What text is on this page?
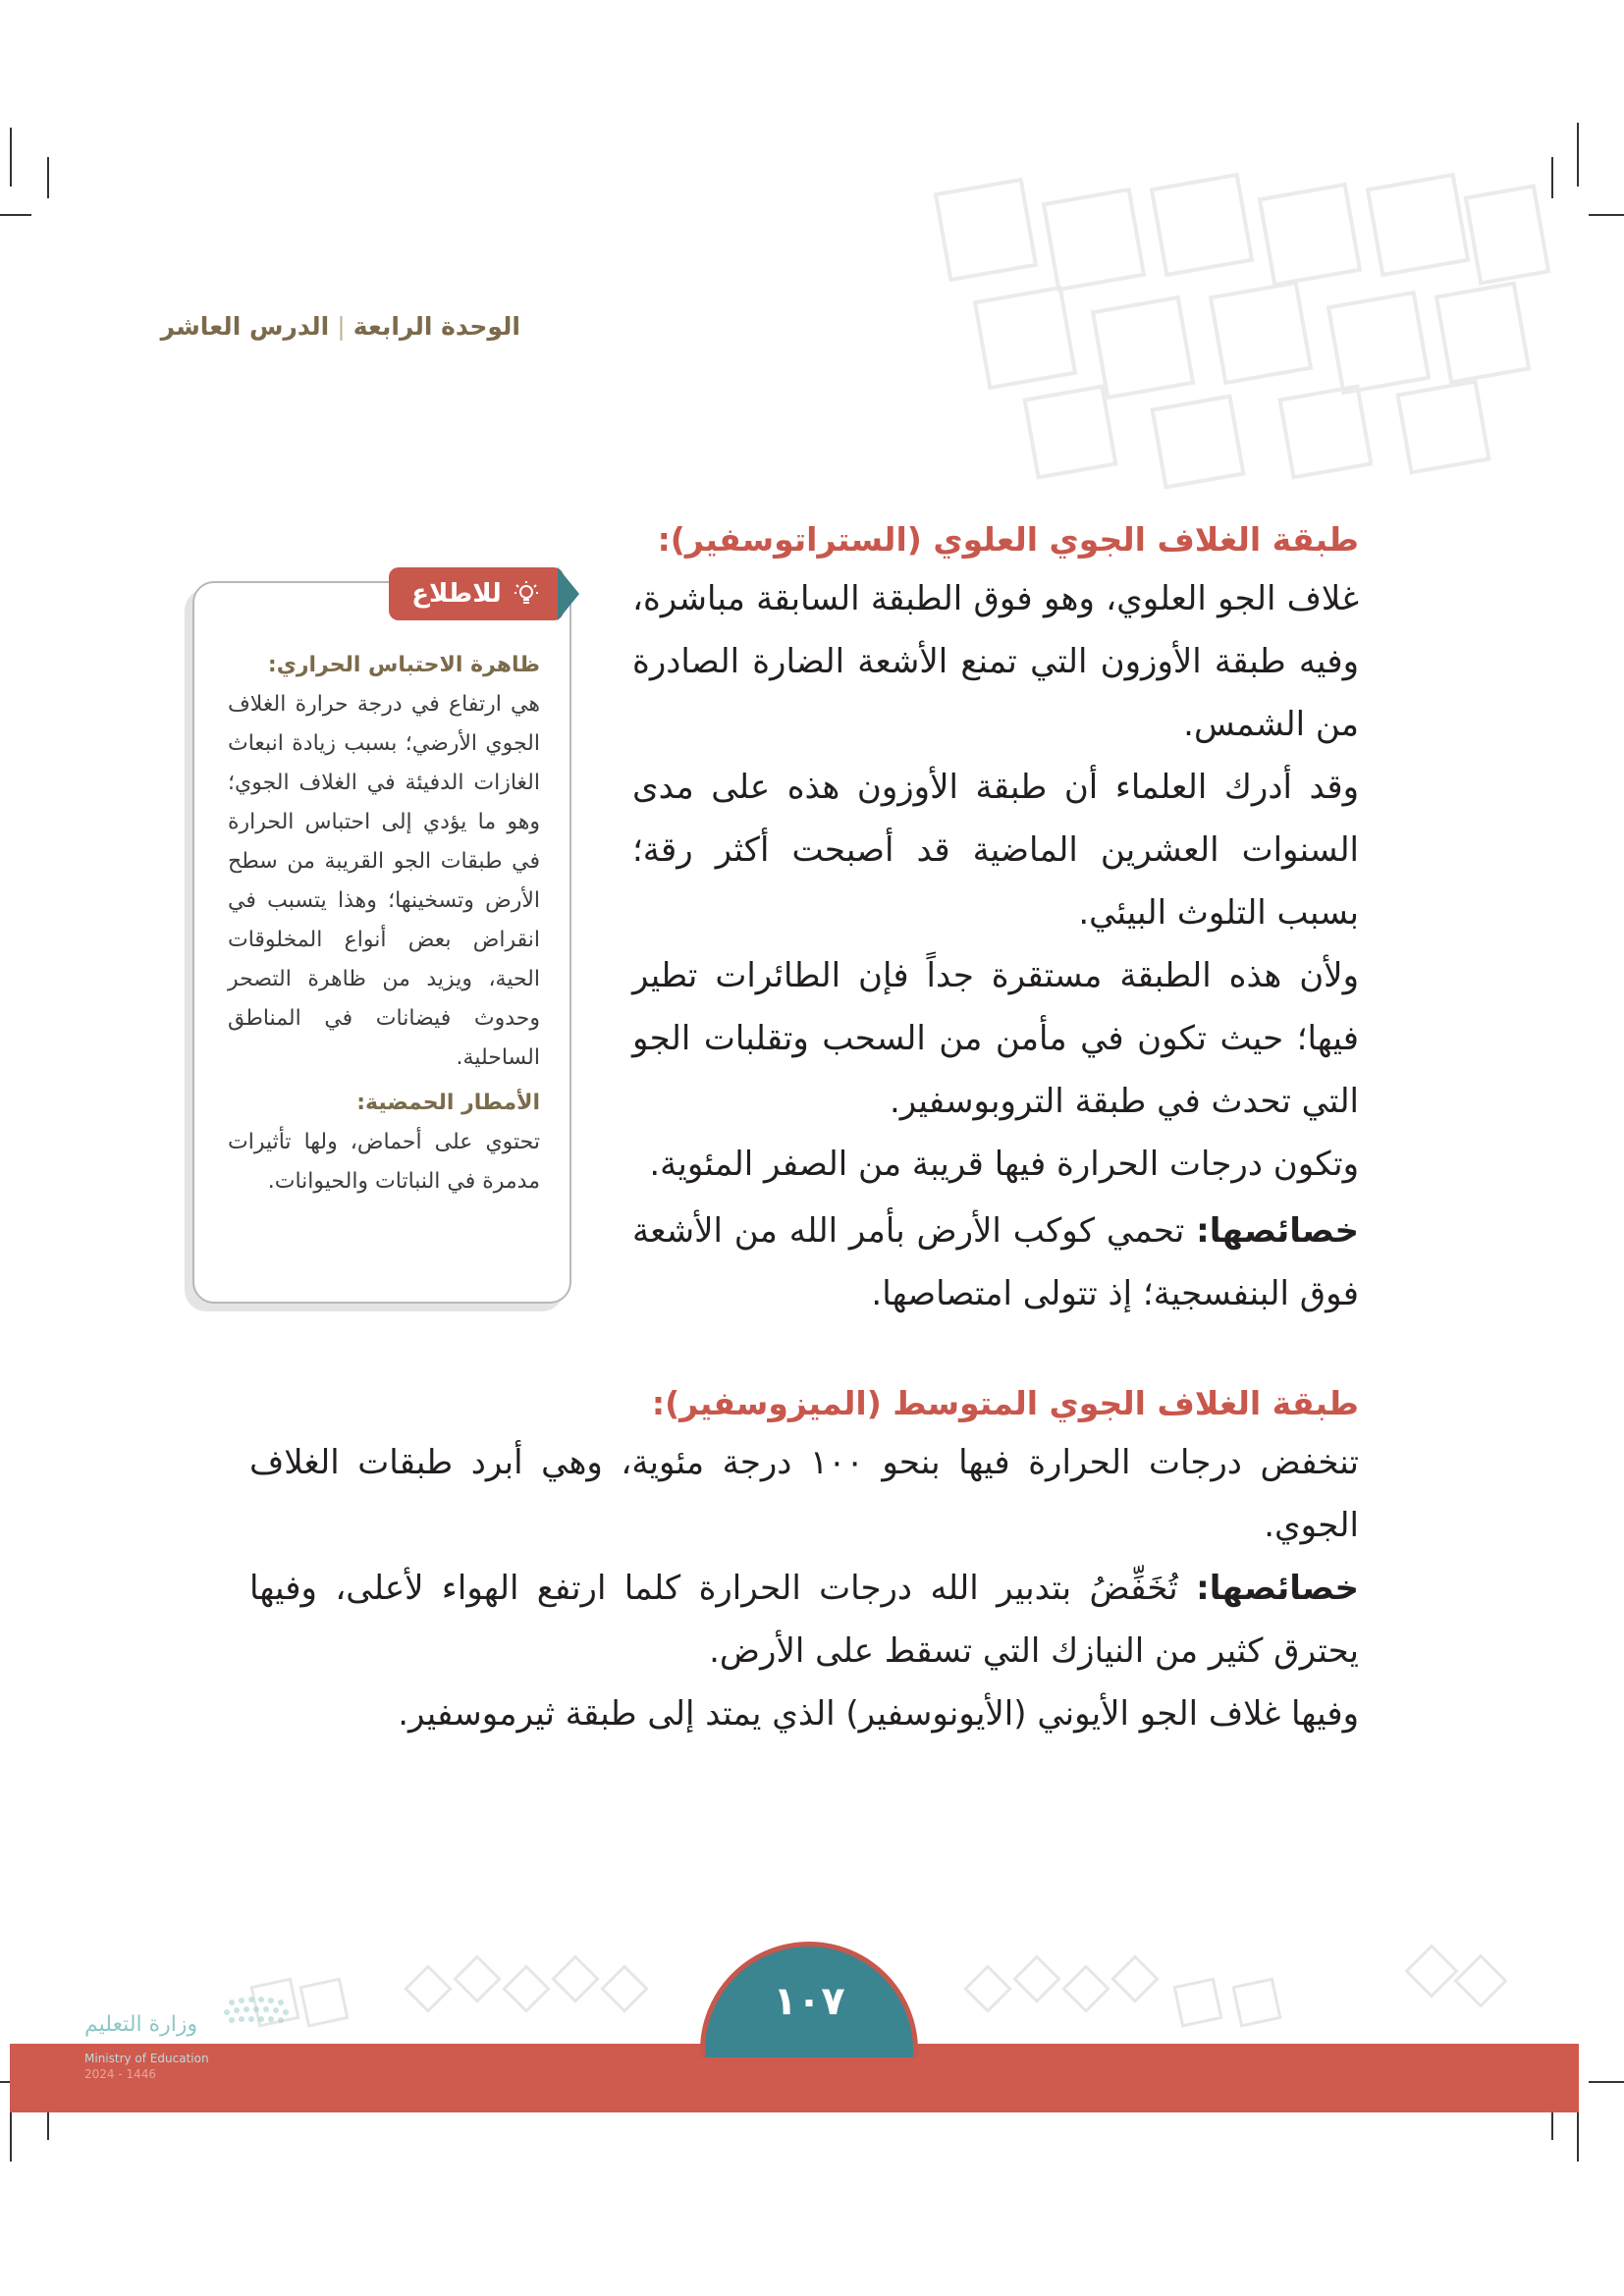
الوحدة الرابعة|الدرس العاشر

طبقة الغلاف الجوي العلوي (الستراتوسفير):

غلاف الجو العلوي، وهو فوق الطبقة السابقة مباشرة، وفيه طبقة الأوزون التي تمنع الأشعة الضارة الصادرة من الشمس.

وقد أدرك العلماء أن طبقة الأوزون هذه على مدى السنوات العشرين الماضية قد أصبحت أكثر رقة؛ بسبب التلوث البيئي.

ولأن هذه الطبقة مستقرة جداً فإن الطائرات تطير فيها؛ حيث تكون في مأمن من السحب وتقلبات الجو التي تحدث في طبقة التروبوسفير.

وتكون درجات الحرارة فيها قريبة من الصفر المئوية.

خصائصها: تحمي كوكب الأرض بأمر الله من الأشعة فوق البنفسجية؛ إذ تتولى امتصاصها.

طبقة الغلاف الجوي المتوسط (الميزوسفير):

تنخفض درجات الحرارة فيها بنحو ١٠٠ درجة مئوية، وهي أبرد طبقات الغلاف الجوي.

خصائصها: تُخَفِّضُ بتدبير الله درجات الحرارة كلما ارتفع الهواء لأعلى، وفيها يحترق كثير من النيازك التي تسقط على الأرض.

وفيها غلاف الجو الأيوني (الأيونوسفير) الذي يمتد إلى طبقة ثيرموسفير.

للاطلاع

ظاهرة الاحتباس الحراري:

هي ارتفاع في درجة حرارة الغلاف الجوي الأرضي؛ بسبب زيادة انبعاث الغازات الدفيئة في الغلاف الجوي؛ وهو ما يؤدي إلى احتباس الحرارة في طبقات الجو القريبة من سطح الأرض وتسخينها؛ وهذا يتسبب في انقراض بعض أنواع المخلوقات الحية، ويزيد من ظاهرة التصحر وحدوث فيضانات في المناطق الساحلية.

الأمطار الحمضية:

تحتوي على أحماض، ولها تأثيرات مدمرة في النباتات والحيوانات.

١٠٧
وزارة التعليم
Ministry of Education
2024 - 1446
